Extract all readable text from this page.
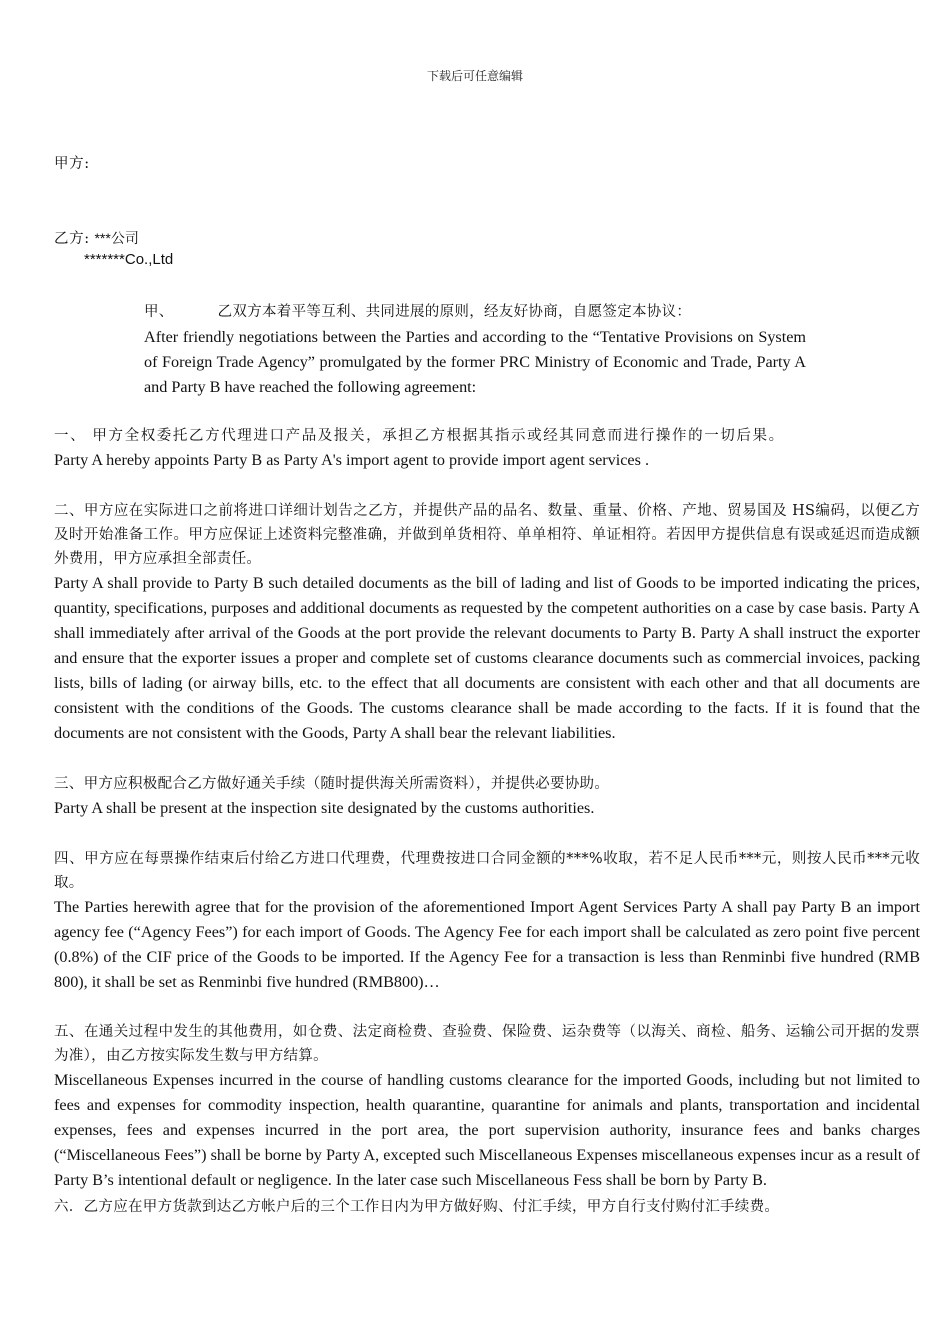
下载后可任意编辑
甲方:
乙方: ***公司
*******Co.,Ltd

甲、	乙双方本着平等互利、共同进展的原则，经友好协商，自愿签定本协议：

After friendly negotiations between the Parties and according to the “Tentative Provisions on System of Foreign Trade Agency” promulgated by the former PRC Ministry of Economic and Trade, Party A and Party B have reached the following agreement:

一、 甲方全权委托乙方代理进口产品及报关，承担乙方根据其指示或经其同意而进行操作的一切后果。

Party A hereby appoints Party B as Party A's import agent to provide import agent services .

二、甲方应在实际进口之前将进口详细计划告之乙方，并提供产品的品名、数量、重量、价格、产地、贸易国及 HS编码，以便乙方及时开始准备工作。甲方应保证上述资料完整准确，并做到单货相符、单单相符、单证相符。若因甲方提供信息有误或延迟而造成额外费用，甲方应承担全部责任。

Party A shall provide to Party B such detailed documents as the bill of lading and list of Goods to be imported indicating the prices, quantity, specifications, purposes and additional documents as requested by the competent authorities on a case by case basis. Party A shall immediately after arrival of the Goods at the port provide the relevant documents to Party B. Party A shall instruct the exporter and ensure that the exporter issues a proper and complete set of customs clearance documents such as commercial invoices, packing lists, bills of lading (or airway bills, etc. to the effect that all documents are consistent with each other and that all documents are consistent with the conditions of the Goods. The customs clearance shall be made according to the facts. If it is found that the documents are not consistent with the Goods, Party A shall bear the relevant liabilities.

三、甲方应积极配合乙方做好通关手续（随时提供海关所需资料），并提供必要协助。

Party A shall be present at the inspection site designated by the customs authorities.

四、甲方应在每票操作结束后付给乙方进口代理费，代理费按进口合同金额的***%收取，若不足人民币***元，则按人民币***元收取。

The Parties herewith agree that for the provision of the aforementioned Import Agent Services Party A shall pay Party B an import agency fee (“Agency Fees”) for each import of Goods. The Agency Fee for each import shall be calculated as zero point five percent (0.8%) of the CIF price of the Goods to be imported. If the Agency Fee for a transaction is less than Renminbi five hundred (RMB 800), it shall be set as Renminbi five hundred (RMB800)…

五、在通关过程中发生的其他费用，如仓费、法定商检费、查验费、保险费、运杂费等（以海关、商检、船务、运输公司开据的发票为准），由乙方按实际发生数与甲方结算。

Miscellaneous Expenses incurred in the course of handling customs clearance for the imported Goods, including but not limited to fees and expenses for commodity inspection, health quarantine, quarantine for animals and plants, transportation and incidental expenses, fees and expenses incurred in the port area, the port supervision authority, insurance fees and banks charges (“Miscellaneous Fees”) shall be borne by Party A, excepted such Miscellaneous Expenses miscellaneous expenses incur as a result of Party B’s intentional default or negligence. In the later case such Miscellaneous Fess shall be born by Party B.

六．乙方应在甲方货款到达乙方帐户后的三个工作日内为甲方做好购、付汇手续，甲方自行支付购付汇手续费。
